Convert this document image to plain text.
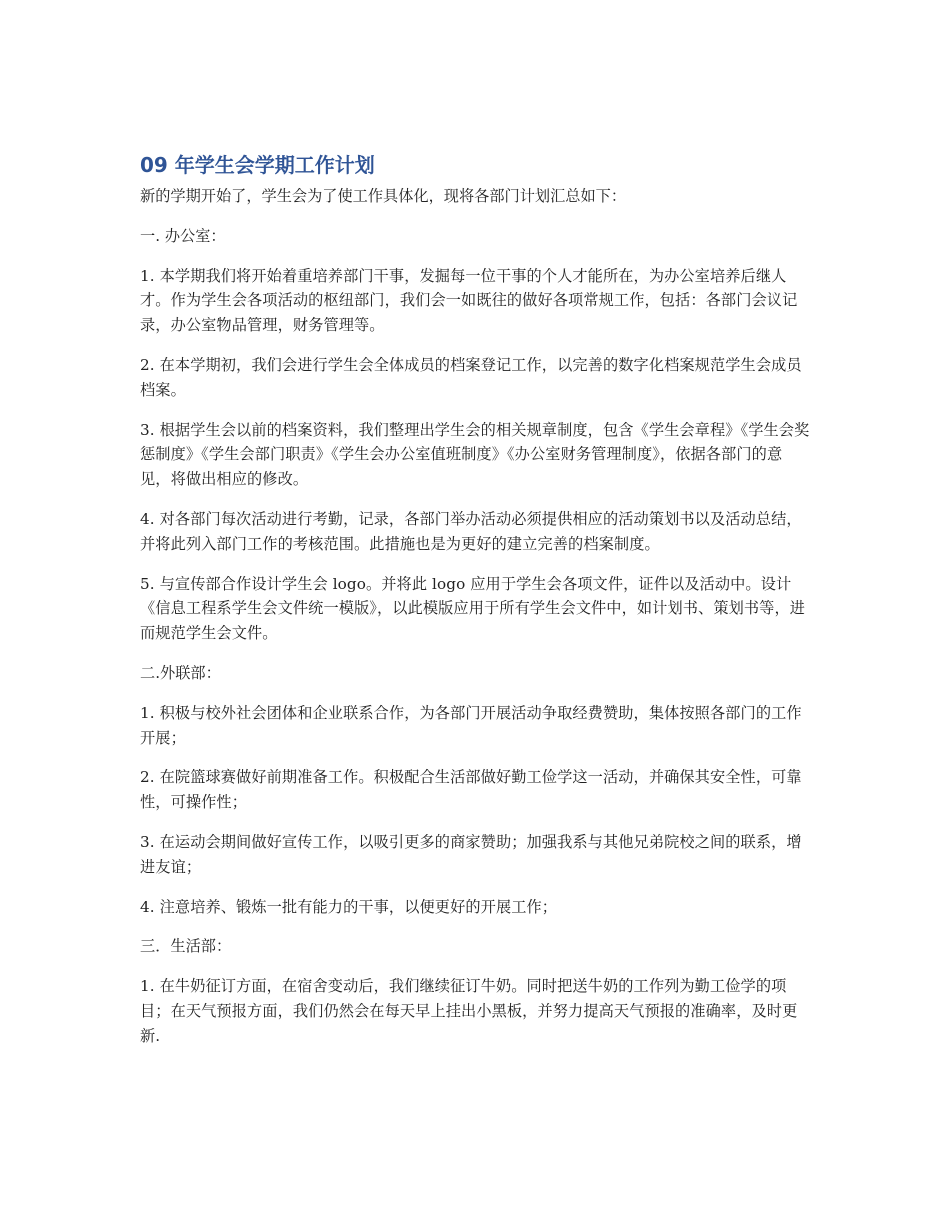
09 年学生会学期工作计划

新的学期开始了，学生会为了使工作具体化，现将各部门计划汇总如下：

一. 办公室：

1. 本学期我们将开始着重培养部门干事，发掘每一位干事的个人才能所在，为办公室培养后继人才。作为学生会各项活动的枢纽部门，我们会一如既往的做好各项常规工作，包括：各部门会议记录，办公室物品管理，财务管理等。

2. 在本学期初，我们会进行学生会全体成员的档案登记工作，以完善的数字化档案规范学生会成员档案。

3. 根据学生会以前的档案资料，我们整理出学生会的相关规章制度，包含《学生会章程》《学生会奖惩制度》《学生会部门职责》《学生会办公室值班制度》《办公室财务管理制度》，依据各部门的意见，将做出相应的修改。

4. 对各部门每次活动进行考勤，记录，各部门举办活动必须提供相应的活动策划书以及活动总结，并将此列入部门工作的考核范围。此措施也是为更好的建立完善的档案制度。

5. 与宣传部合作设计学生会 logo。并将此 logo 应用于学生会各项文件，证件以及活动中。设计《信息工程系学生会文件统一模版》，以此模版应用于所有学生会文件中，如计划书、策划书等，进而规范学生会文件。

二.外联部：

1. 积极与校外社会团体和企业联系合作，为各部门开展活动争取经费赞助，集体按照各部门的工作开展；

2. 在院篮球赛做好前期准备工作。积极配合生活部做好勤工俭学这一活动，并确保其安全性，可靠性，可操作性；

3. 在运动会期间做好宣传工作，以吸引更多的商家赞助；加强我系与其他兄弟院校之间的联系，增进友谊；

4. 注意培养、锻炼一批有能力的干事，以便更好的开展工作；

三．生活部：

1. 在牛奶征订方面，在宿舍变动后，我们继续征订牛奶。同时把送牛奶的工作列为勤工俭学的项目；在天气预报方面，我们仍然会在每天早上挂出小黑板，并努力提高天气预报的准确率，及时更新.
